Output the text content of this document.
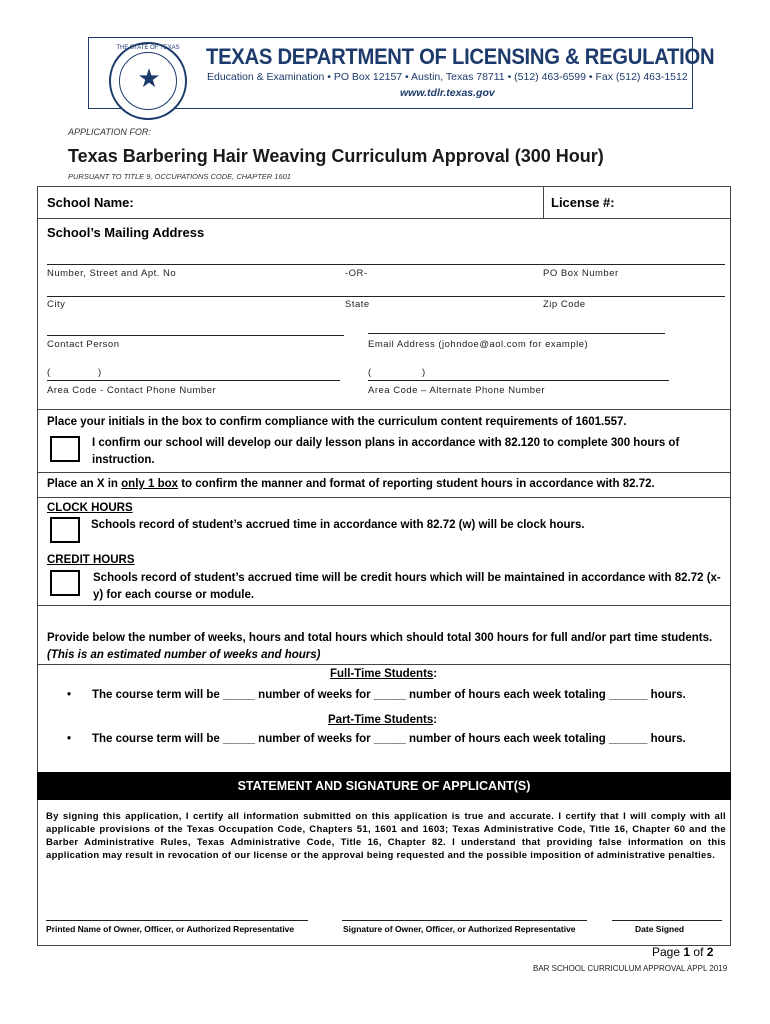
THE STATE OF TEXAS
★
TEXAS DEPARTMENT OF LICENSING & REGULATION
Education & Examination • PO Box 12157 • Austin, Texas 78711 • (512) 463-6599 • Fax (512) 463-1512
www.tdlr.texas.gov
APPLICATION FOR:
Texas Barbering Hair Weaving Curriculum Approval (300 Hour)
PURSUANT TO TITLE 9, OCCUPATIONS CODE, CHAPTER 1601
School Name:	License #:
School’s Mailing Address
Number, Street and Apt. No	-OR-	PO Box Number
City	State	Zip Code
Contact Person	Email Address (johndoe@aol.com for example)
(	)	(	)
Area Code - Contact Phone Number	Area Code – Alternate Phone Number
Place your initials in the box to confirm compliance with the curriculum content requirements of 1601.557.
I confirm our school will develop our daily lesson plans in accordance with 82.120 to complete 300 hours of instruction.
Place an X in only 1 box to confirm the manner and format of reporting student hours in accordance with 82.72.
CLOCK HOURS
Schools record of student’s accrued time in accordance with 82.72 (w) will be clock hours.
CREDIT HOURS
Schools record of student’s accrued time will be credit hours which will be maintained in accordance with 82.72 (x-y) for each course or module.
Provide below the number of weeks, hours and total hours which should total 300 hours for full and/or part time students. (This is an estimated number of weeks and hours)
Full-Time Students:
• The course term will be _____ number of weeks for _____ number of hours each week totaling ______ hours.
Part-Time Students:
• The course term will be _____ number of weeks for _____ number of hours each week totaling ______ hours.
STATEMENT AND SIGNATURE OF APPLICANT(S)
By signing this application, I certify all information submitted on this application is true and accurate. I certify that I will comply with all applicable provisions of the Texas Occupation Code, Chapters 51, 1601 and 1603; Texas Administrative Code, Title 16, Chapter 60 and the Barber Administrative Rules, Texas Administrative Code, Title 16, Chapter 82. I understand that providing false information on this application may result in revocation of our license or the approval being requested and the possible imposition of administrative penalties.
Printed Name of Owner, Officer, or Authorized Representative	Signature of Owner, Officer, or Authorized Representative	Date Signed
Page 1 of 2
BAR SCHOOL CURRICULUM APPROVAL APPL 2019
